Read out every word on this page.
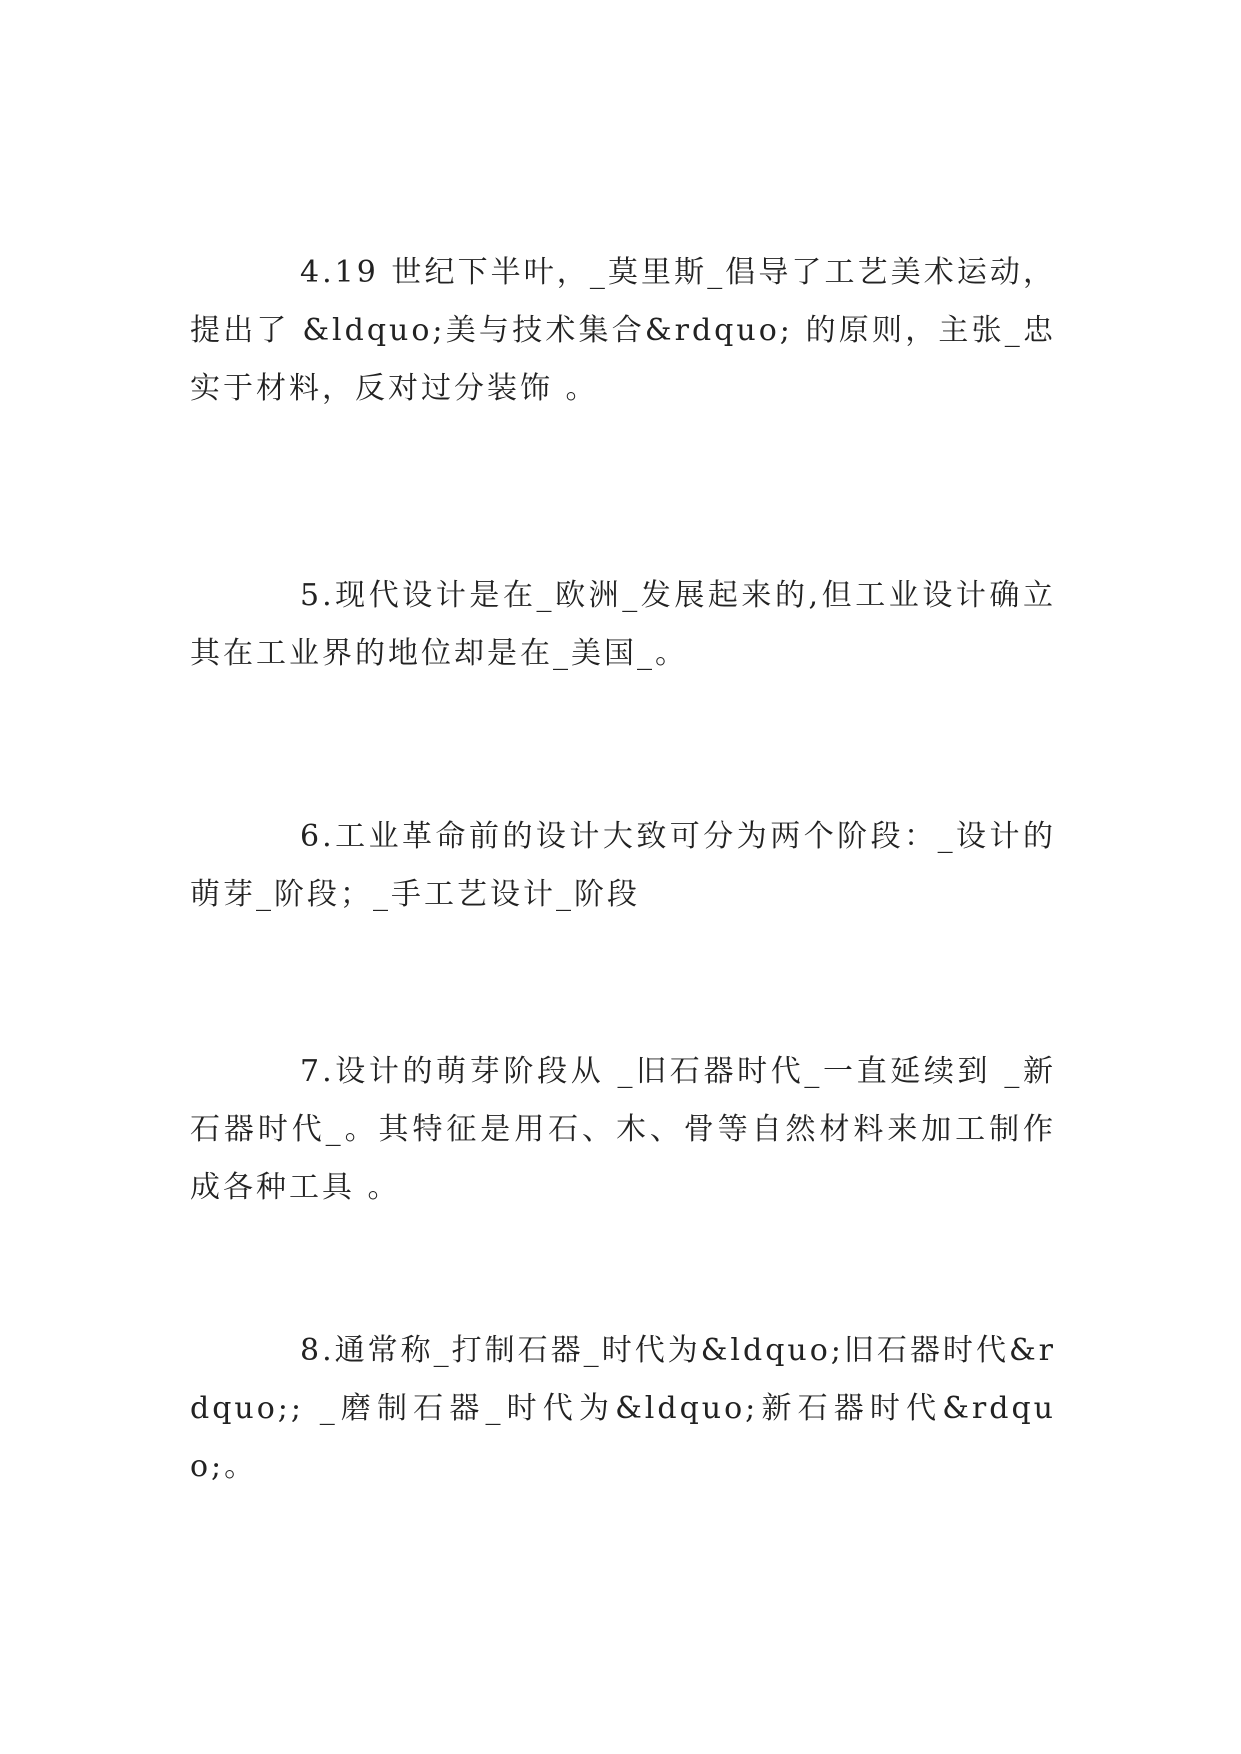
4.19 世纪下半叶，_莫里斯_倡导了工艺美术运动，提出了 &ldquo;美与技术集合&rdquo; 的原则，主张_忠实于材料，反对过分装饰 。

5.现代设计是在_欧洲_发展起来的,但工业设计确立其在工业界的地位却是在_美国_。

6.工业革命前的设计大致可分为两个阶段：_设计的萌芽_阶段；_手工艺设计_阶段

7.设计的萌芽阶段从 _旧石器时代_一直延续到 _新石器时代_。其特征是用石、木、骨等自然材料来加工制作成各种工具 。

8.通常称_打制石器_时代为&ldquo;旧石器时代&rdquo;; _磨制石器_时代为&ldquo;新石器时代&rdquo;。
